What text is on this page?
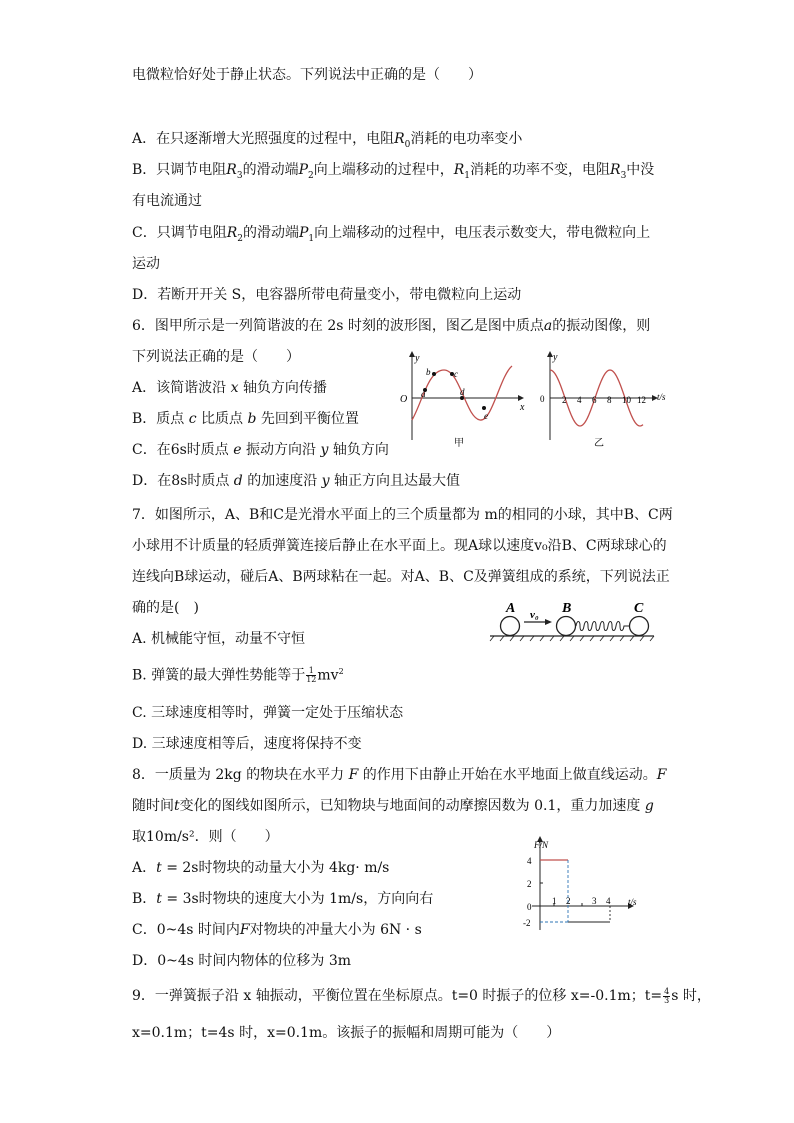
电微粒恰好处于静止状态。下列说法中正确的是（　　）
A．在只逐渐增大光照强度的过程中，电阻$R_0$消耗的电功率变小
B．只调节电阻$R_3$的滑动端$P_2$向上端移动的过程中，$R_1$消耗的功率不变，电阻$R_3$中没
有电流通过
C．只调节电阻$R_2$的滑动端$P_1$向上端移动的过程中，电压表示数变大，带电微粒向上
运动
D．若断开开关 S，电容器所带电荷量变小，带电微粒向上运动
6．图甲所示是一列简谐波的在 2s 时刻的波形图，图乙是图中质点a的振动图像，则
下列说法正确的是（　　）
A．该简谐波沿 x 轴负方向传播
B．质点 c 比质点 b 先回到平衡位置
C．在6s时质点 e 振动方向沿 y 轴负方向
D．在8s时质点 d 的加速度沿 y 轴正方向且达最大值
y
x
O a
b	c
d
e
甲
y
t/s
0 2 4 6 8 10 12
乙
7．如图所示，A、B和C是光滑水平面上的三个质量都为 m的相同的小球，其中B、C两
小球用不计质量的轻质弹簧连接后静止在水平面上。现A球以速度v₀沿B、C两球球心的
连线向B球运动，碰后A、B两球粘在一起。对A、B、C及弹簧组成的系统，下列说法正
确的是(　)
A. 机械能守恒，动量不守恒
B. 弹簧的最大弹性势能等于 $\frac{1}{12} mv^2$
C. 三球速度相等时，弹簧一定处于压缩状态
D. 三球速度相等后，速度将保持不变
A v₀ B	C
8．一质量为 2kg 的物块在水平力 F 的作用下由静止开始在水平地面上做直线运动。F
随时间t变化的图线如图所示，已知物块与地面间的动摩擦因数为 0.1，重力加速度 g
取10m/s²．则（　　）
A．t = 2s时物块的动量大小为 4kg· m/s
B．t = 3s时物块的速度大小为 1m/s，方向向右
C．0~4s 时间内F对物块的冲量大小为 6N · s
D．0~4s 时间内物体的位移为 3m
F/N
t/s
4
2
0
-2
1 2 3 4
9．一弹簧振子沿 x 轴振动，平衡位置在坐标原点。t=0 时振子的位移 x=-0.1m；$t= \frac{4}{3}$ s 时，
x=0.1m；t=4s 时，x=0.1m。该振子的振幅和周期可能为（　　）
